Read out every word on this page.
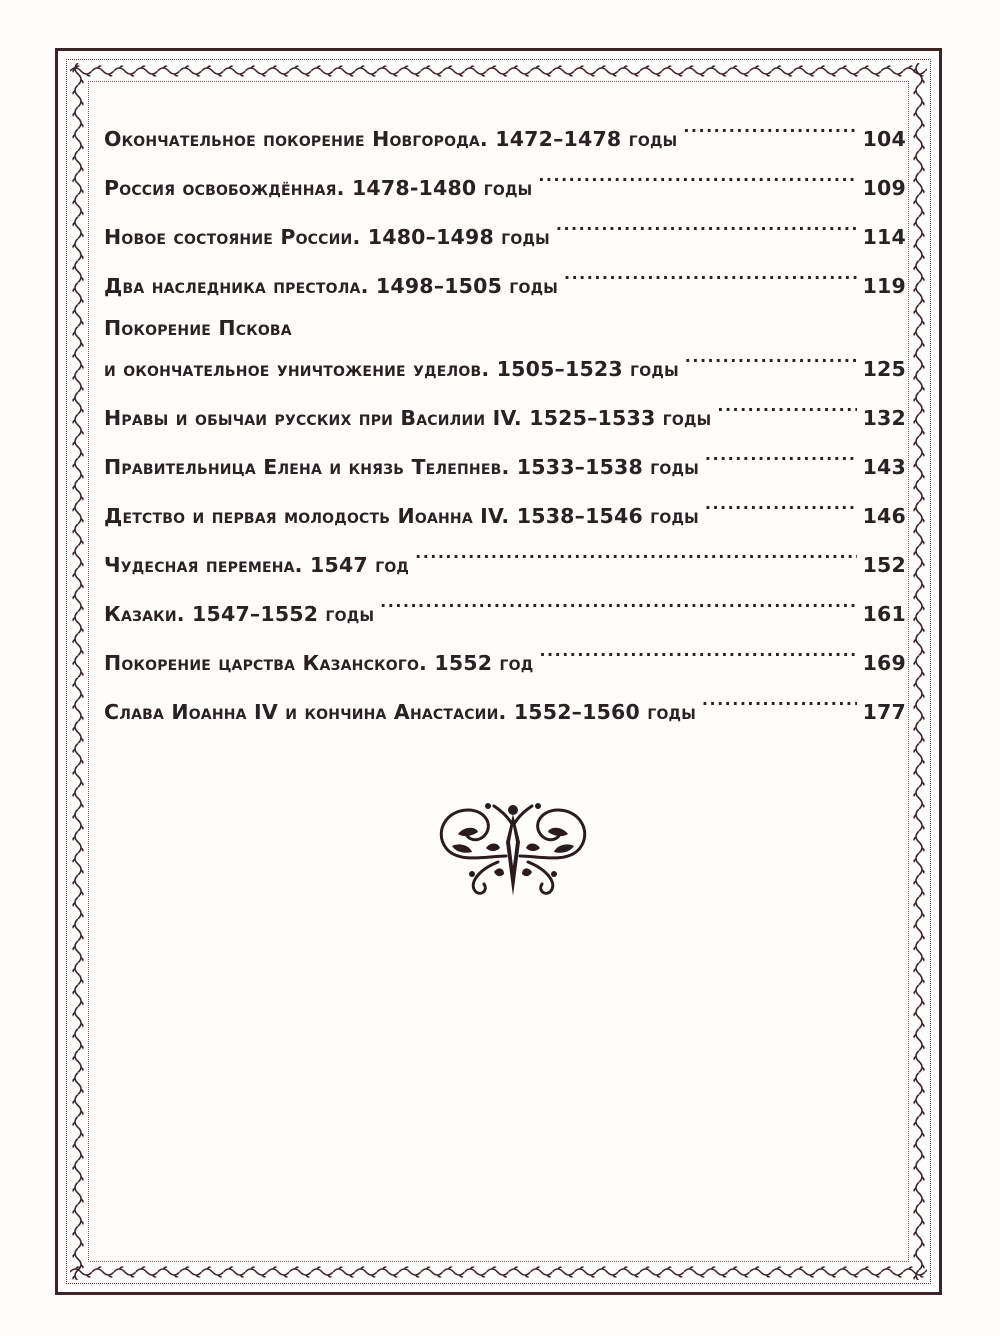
Окончательное покорение Новгорода. 1472–1478 годы .....	104
Россия освобождённая. 1478-1480 годы .....	109
Новое состояние России. 1480–1498 годы .....	114
Два наследника престола. 1498–1505 годы .....	119
Покорение Пскова
и окончательное уничтожение уделов. 1505–1523 годы .....	125
Нравы и обычаи русских при Василии IV. 1525–1533 годы .....	132
Правительница Елена и князь Телепнев. 1533–1538 годы .....	143
Детство и первая молодость Иоанна IV. 1538–1546 годы .....	146
Чудесная перемена. 1547 год .....	152
Казаки. 1547–1552 годы .....	161
Покорение царства Казанского. 1552 год .....	169
Слава Иоанна IV и кончина Анастасии. 1552–1560 годы .....	177
